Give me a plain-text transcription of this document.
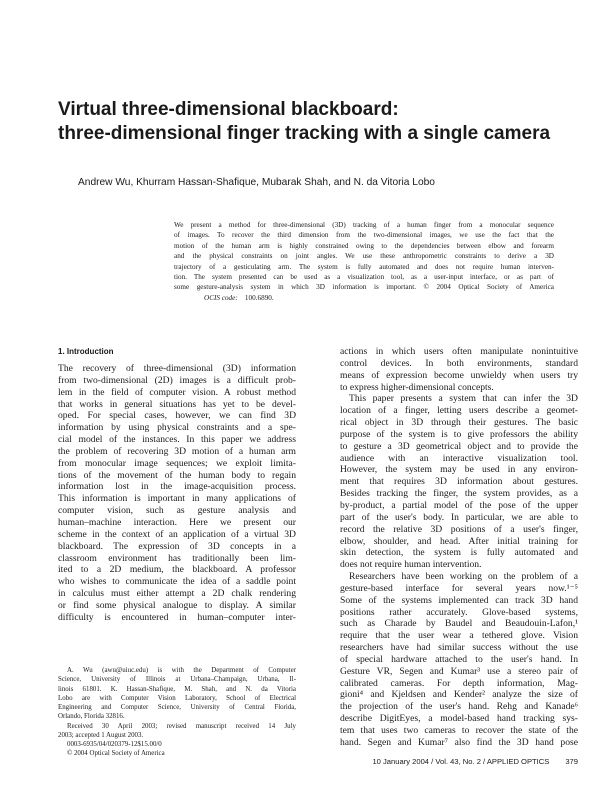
Virtual three-dimensional blackboard:
three-dimensional finger tracking with a single camera
Andrew Wu, Khurram Hassan-Shafique, Mubarak Shah, and N. da Vitoria Lobo
We present a method for three-dimensional (3D) tracking of a human finger from a monocular sequence
of images. To recover the third dimension from the two-dimensional images, we use the fact that the
motion of the human arm is highly constrained owing to the dependencies between elbow and forearm
and the physical constraints on joint angles. We use these anthropometric constraints to derive a 3D
trajectory of a gesticulating arm. The system is fully automated and does not require human interven-
tion. The system presented can be used as a visualization tool, as a user-input interface, or as part of
some gesture-analysis system in which 3D information is important. © 2004 Optical Society of America
OCIS code: 100.6890.
1. Introduction
The recovery of three-dimensional (3D) information
from two-dimensional (2D) images is a difficult prob-
lem in the field of computer vision. A robust method
that works in general situations has yet to be devel-
oped. For special cases, however, we can find 3D
information by using physical constraints and a spe-
cial model of the instances. In this paper we address
the problem of recovering 3D motion of a human arm
from monocular image sequences; we exploit limita-
tions of the movement of the human body to regain
information lost in the image-acquisition process.
This information is important in many applications of
computer vision, such as gesture analysis and
human–machine interaction. Here we present our
scheme in the context of an application of a virtual 3D
blackboard. The expression of 3D concepts in a
classroom environment has traditionally been lim-
ited to a 2D medium, the blackboard. A professor
who wishes to communicate the idea of a saddle point
in calculus must either attempt a 2D chalk rendering
or find some physical analogue to display. A similar
difficulty is encountered in human–computer inter-
A. Wu (awu@uiuc.edu) is with the Department of Computer
Science, University of Illinois at Urbana–Champaign, Urbana, Il-
linois 61801. K. Hassan-Shafique, M. Shah, and N. da Vitoria
Lobo are with Computer Vision Laboratory, School of Electrical
Engineering and Computer Science, University of Central Florida,
Orlando, Florida 32816.
Received 30 April 2003; revised manuscript received 14 July
2003; accepted 1 August 2003.
0003-6935/04/020379-12$15.00/0
© 2004 Optical Society of America
actions in which users often manipulate nonintuitive
control devices. In both environments, standard
means of expression become unwieldy when users try
to express higher-dimensional concepts.
This paper presents a system that can infer the 3D
location of a finger, letting users describe a geomet-
rical object in 3D through their gestures. The basic
purpose of the system is to give professors the ability
to gesture a 3D geometrical object and to provide the
audience with an interactive visualization tool.
However, the system may be used in any environ-
ment that requires 3D information about gestures.
Besides tracking the finger, the system provides, as a
by-product, a partial model of the pose of the upper
part of the user's body. In particular, we are able to
record the relative 3D positions of a user's finger,
elbow, shoulder, and head. After initial training for
skin detection, the system is fully automated and
does not require human intervention.
Researchers have been working on the problem of a
gesture-based interface for several years now.¹⁻⁵
Some of the systems implemented can track 3D hand
positions rather accurately. Glove-based systems,
such as Charade by Baudel and Beaudouin-Lafon,¹
require that the user wear a tethered glove. Vision
researchers have had similar success without the use
of special hardware attached to the user's hand. In
Gesture VR, Segen and Kumar³ use a stereo pair of
calibrated cameras. For depth information, Mag-
gioni⁴ and Kjeldsen and Kender² analyze the size of
the projection of the user's hand. Rehg and Kanade⁶
describe DigitEyes, a model-based hand tracking sys-
tem that uses two cameras to recover the state of the
hand. Segen and Kumar⁷ also find the 3D hand pose
10 January 2004 / Vol. 43, No. 2 / APPLIED OPTICS 379
